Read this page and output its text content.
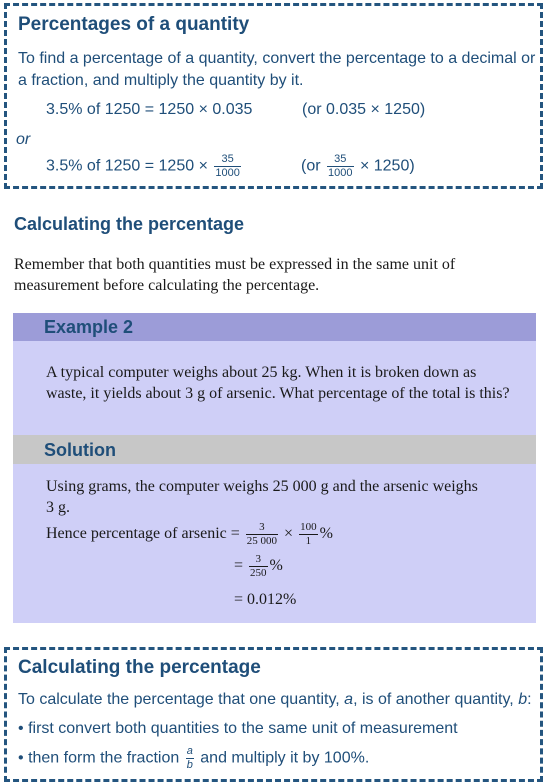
Percentages of a quantity
To find a percentage of a quantity, convert the percentage to a decimal or
a fraction, and multiply the quantity by it.
3.5% of 1250 = 1250 × 0.035	(or 0.035 × 1250)
or
3.5% of $1250 = 1250 \times \frac{35}{1000}$	$(or \frac{35}{1000} \times 1250)$
Calculating the percentage
Remember that both quantities must be expressed in the same unit of measurement before calculating the percentage.
Example 2
A typical computer weighs about 25 kg. When it is broken down as waste, it yields about 3 g of arsenic. What percentage of the total is this?
Solution
Using grams, the computer weighs 25 000 g and the arsenic weighs 3 g.
Hence percentage of arsenic = $\frac{3}{25 000} \times \frac{100}{1}$ %
= $\frac{3}{250}$ %
= 0.012%
Calculating the percentage
To calculate the percentage that one quantity, a, is of another quantity, b:
• first convert both quantities to the same unit of measurement
• then form the fraction $\frac{a}{b}$ and multiply it by 100%.
